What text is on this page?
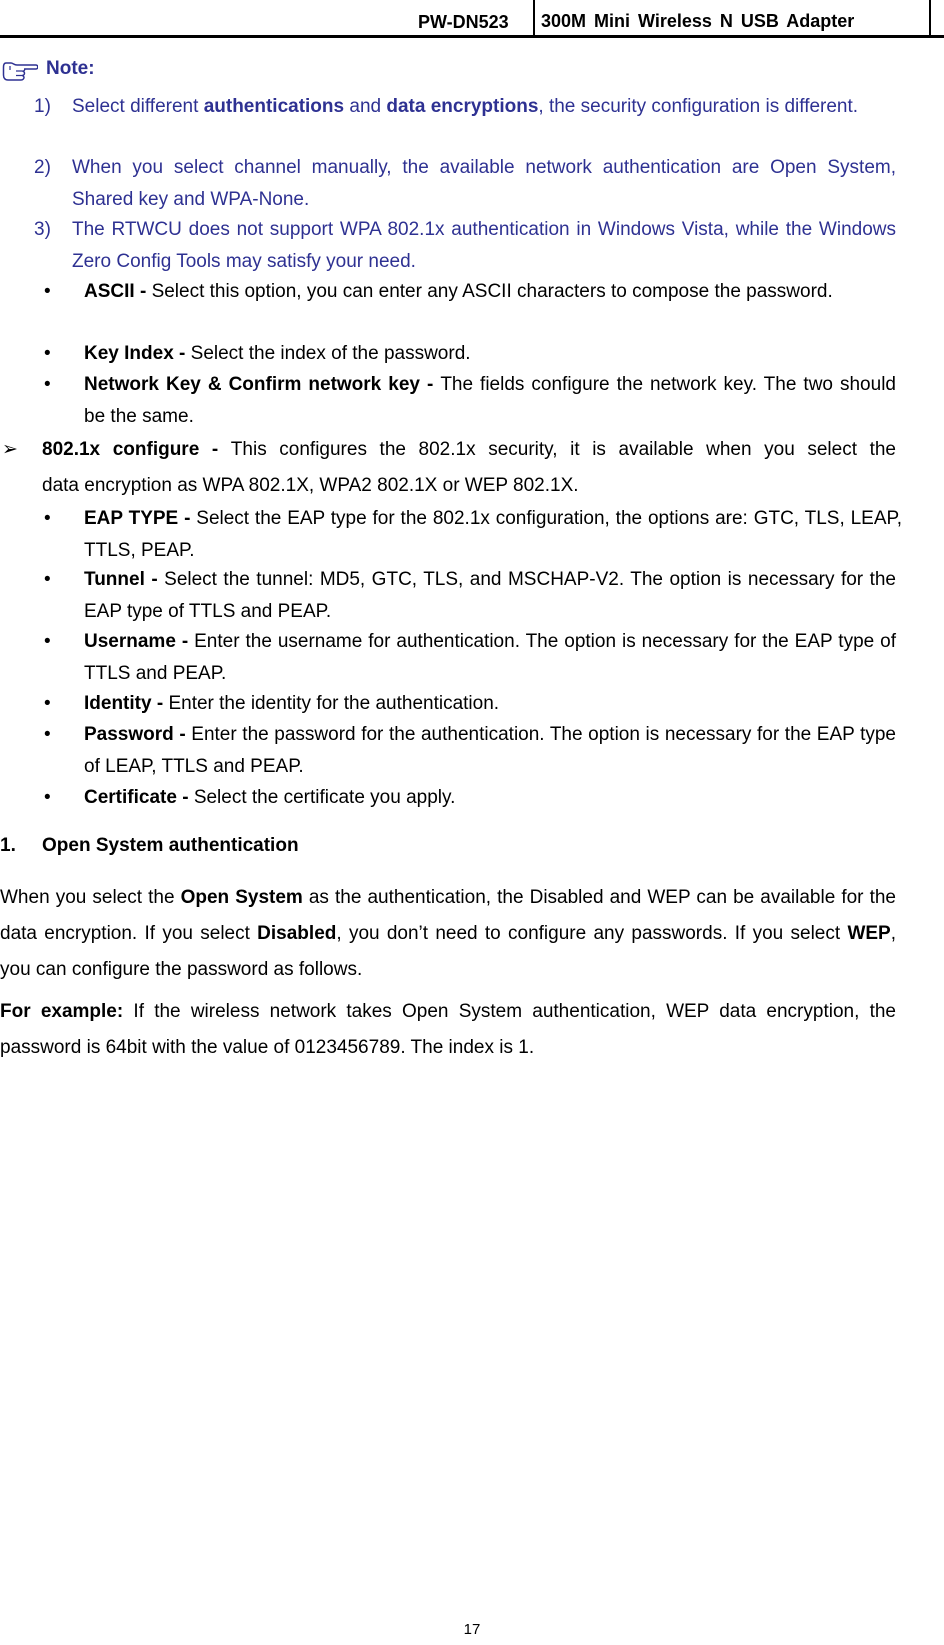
PW-DN523	300M Mini Wireless N USB Adapter
Note:
1) Select different authentications and data encryptions, the security configuration is different.
2) When you select channel manually, the available network authentication are Open System, Shared key and WPA-None.
3) The RTWCU does not support WPA 802.1x authentication in Windows Vista, while the Windows Zero Config Tools may satisfy your need.
• ASCII - Select this option, you can enter any ASCII characters to compose the password.
• Key Index - Select the index of the password.
• Network Key & Confirm network key - The fields configure the network key. The two should be the same.
➢ 802.1x configure - This configures the 802.1x security, it is available when you select the
data encryption as WPA 802.1X, WPA2 802.1X or WEP 802.1X.
• EAP TYPE - Select the EAP type for the 802.1x configuration, the options are: GTC, TLS, LEAP, TTLS, PEAP.
• Tunnel - Select the tunnel: MD5, GTC, TLS, and MSCHAP-V2. The option is necessary for the EAP type of TTLS and PEAP.
• Username - Enter the username for authentication. The option is necessary for the EAP type of TTLS and PEAP.
• Identity - Enter the identity for the authentication.
• Password - Enter the password for the authentication. The option is necessary for the EAP type of LEAP, TTLS and PEAP.
• Certificate - Select the certificate you apply.
1. Open System authentication
When you select the Open System as the authentication, the Disabled and WEP can be available for the data encryption. If you select Disabled, you don’t need to configure any passwords. If you select WEP, you can configure the password as follows.
For example: If the wireless network takes Open System authentication, WEP data encryption, the password is 64bit with the value of 0123456789. The index is 1.
17
